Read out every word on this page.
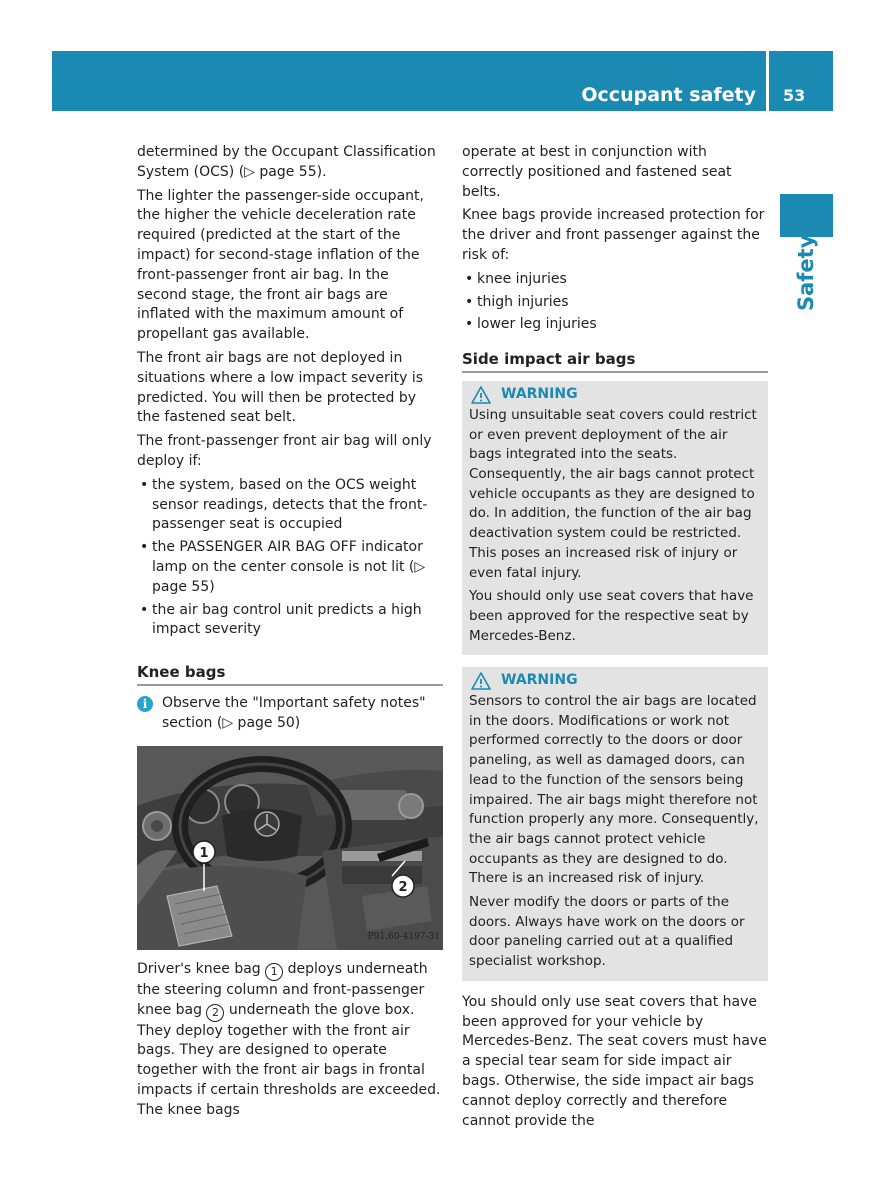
Occupant safety 53
Safety

determined by the Occupant Classification System (OCS) (▷ page 55).

The lighter the passenger-side occupant, the higher the vehicle deceleration rate required (predicted at the start of the impact) for second-stage inflation of the front-passenger front air bag. In the second stage, the front air bags are inflated with the maximum amount of propellant gas available.

The front air bags are not deployed in situations where a low impact severity is predicted. You will then be protected by the fastened seat belt.

The front-passenger front air bag will only deploy if:

• the system, based on the OCS weight sensor readings, detects that the front-passenger seat is occupied
• the PASSENGER AIR BAG OFF indicator lamp on the center console is not lit (▷ page 55)
• the air bag control unit predicts a high impact severity
Knee bags
i	Observe the "Important safety notes" section (▷ page 50)
1
2
P91.60-4197-31

Driver's knee bag 1 deploys underneath the steering column and front-passenger knee bag 2 underneath the glove box. They deploy together with the front air bags. They are designed to operate together with the front air bags in frontal impacts if certain thresholds are exceeded. The knee bags

operate at best in conjunction with correctly positioned and fastened seat belts.

Knee bags provide increased protection for the driver and front passenger against the risk of:

• knee injuries
• thigh injuries
• lower leg injuries
Side impact air bags
WARNING

Using unsuitable seat covers could restrict or even prevent deployment of the air bags integrated into the seats. Consequently, the air bags cannot protect vehicle occupants as they are designed to do. In addition, the function of the air bag deactivation system could be restricted. This poses an increased risk of injury or even fatal injury.

You should only use seat covers that have been approved for the respective seat by Mercedes-Benz.

WARNING

Sensors to control the air bags are located in the doors. Modifications or work not performed correctly to the doors or door paneling, as well as damaged doors, can lead to the function of the sensors being impaired. The air bags might therefore not function properly any more. Consequently, the air bags cannot protect vehicle occupants as they are designed to do. There is an increased risk of injury.

Never modify the doors or parts of the doors. Always have work on the doors or door paneling carried out at a qualified specialist workshop.

You should only use seat covers that have been approved for your vehicle by Mercedes-Benz. The seat covers must have a special tear seam for side impact air bags. Otherwise, the side impact air bags cannot deploy correctly and therefore cannot provide the
